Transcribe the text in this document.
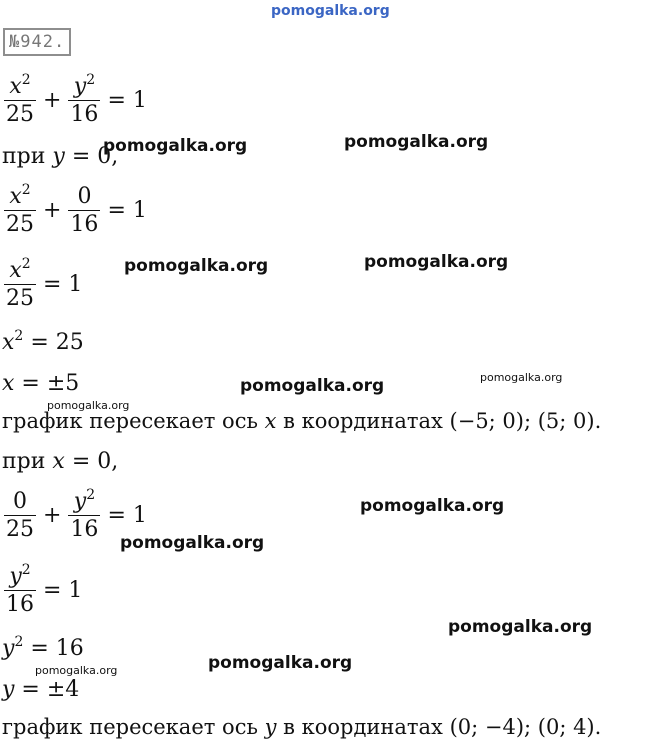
pomogalka.org
№942.
$\frac{x^2}{25} + \frac{y^2}{16} = 1$
при y = 0,
$\frac{x^2}{25} + \frac{0}{16} = 1$
$\frac{x^2}{25} = 1$
$x^2 = 25$
x = ±5
график пересекает ось x в координатах (−5; 0); (5; 0).
при x = 0,
$\frac{0}{25} + \frac{y^2}{16} = 1$
$\frac{y^2}{16} = 1$
$y^2 = 16$
y = ±4
график пересекает ось y в координатах (0; −4); (0; 4).
pomogalka.org	pomogalka.org
pomogalka.org	pomogalka.org
pomogalka.org	pomogalka.org
pomogalka.org
pomogalka.org
pomogalka.org
pomogalka.org
pomogalka.org
pomogalka.org
